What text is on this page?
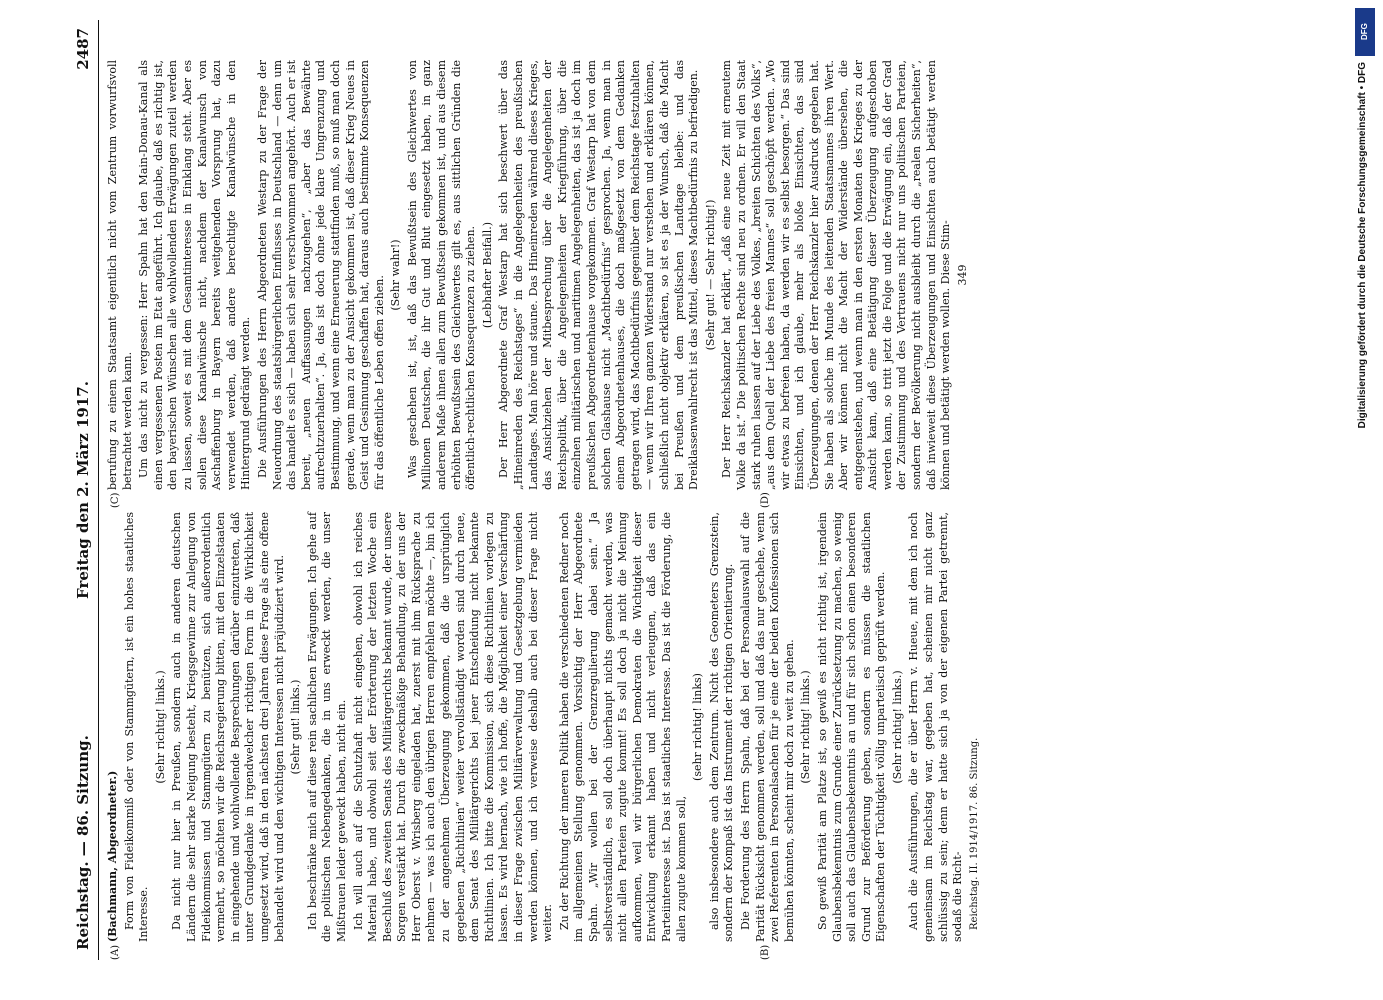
Reichstag. — 86. Sitzung.
Freitag den 2. März 1917.
2487
(A)	(B)
(C)	(D)

(Bachmann, Abgeordneter.) Form von Fideikommiß oder von Stammgütern, ist ein hohes staatliches Interesse.

(Sehr richtig! links.) Da nicht nur hier in Preußen, sondern auch in anderen deutschen Ländern die sehr starke Neigung besteht, Kriegsgewinne zur Anlegung von Fideikommissen und Stammgütern zu benützen, sich außerordentlich vermehrt, so möchten wir die Reichsregierung bitten, mit den Einzelstaaten in eingehende und wohlwollende Besprechungen darüber einzutreten, daß unter Grundgedanke in irgendwelcher richtigen Form in die Wirklichkeit umgesetzt wird, daß in den nächsten drei Jahren diese Frage als eine offene behandelt wird und den wichtigen Interessen nicht präjudiziert wird. (Sehr gut! links.) Ich beschränke mich auf diese rein sachlichen Erwägungen. Ich gehe auf die politischen Nebengedanken, die in uns erweckt werden, die unser Mißtrauen leider geweckt haben, nicht ein. Ich will auch auf die Schutzhaft nicht eingehen, obwohl ich reiches Material habe, und obwohl seit der Erörterung der letzten Woche ein Beschluß des zweiten Senats des Militärgerichts bekannt wurde, der unsere Sorgen verstärkt hat. Durch die zweckmäßige Behandlung, zu der uns der Herr Oberst v. Wrisberg eingeladen hat, zuerst mit ihm Rücksprache zu nehmen — was ich auch den übrigen Herren empfehlen möchte —, bin ich zu der angenehmen Überzeugung gekommen, daß die ursprünglich gegebenen „Richtlinien“ weiter vervollständigt worden sind durch neue, dem Senat des Militärgerichts bei jener Entscheidung nicht bekannte Richtlinien. Ich bitte die Kommission, sich diese Richtlinien vorlegen zu lassen. Es wird hernach, wie ich hoffe, die Möglichkeit einer Verschärfung in dieser Frage zwischen Militärverwaltung und Gesetzgebung vermieden werden können, und ich verweise deshalb auch bei dieser Frage nicht weiter. Zu der Richtung der inneren Politik haben die verschiedenen Redner noch im allgemeinen Stellung genommen. Vorsichtig der Herr Abgeordnete Spahn. „Wir wollen bei der Grenzregulierung dabei sein.“ Ja selbstverständlich, es soll doch überhaupt nichts gemacht werden, was nicht allen Parteien zugute kommt! Es soll doch ja nicht die Meinung aufkommen, weil wir bürgerlichen Demokraten die Wichtigkeit dieser Entwicklung erkannt haben und nicht verleugnen, daß das ein Parteiinteresse ist. Das ist staatliches Interesse. Das ist die Förderung, die allen zugute kommen soll,

(sehr richtig! links) also insbesondere auch dem Zentrum. Nicht des Geometers Grenzstein, sondern der Kompaß ist das Instrument der richtigen Orientierung. Die Forderung des Herrn Spahn, daß bei der Personalauswahl auf die Parität Rücksicht genommen werden, soll und daß das nur geschehe, wenn zwei Referenten in Personalsachen für je eine der beiden Konfessionen sich bemühen könnten, scheint mir doch zu weit zu gehen. (Sehr richtig! links.) So gewiß Parität am Platze ist, so gewiß es nicht richtig ist, irgendein Glaubensbekenntnis zum Grunde einer Zurücksetzung zu machen, so wenig soll auch das Glaubensbekenntnis an und für sich schon einen besonderen Grund zur Beförderung geben, sondern es müssen die staatlichen Eigenschaften der Tüchtigkeit völlig unparteiisch geprüft werden. (Sehr richtig! links.) Auch die Ausführungen, die er über Herrn v. Hueue, mit dem ich noch gemeinsam im Reichstag war, gegeben hat, scheinen mir nicht ganz schlüssig zu sein; denn er hatte sich ja von der eigenen Partei getrennt, sodaß die Richt- Reichstag. II. 1914/1917. 86. Sitzung.

berufung zu einem Staatsamt eigentlich nicht vom Zentrum vorwurfsvoll betrachtet werden kann. Um das nicht zu vergessen: Herr Spahn hat den Main-Donau-Kanal als einen vergessenen Posten im Etat angeführt. Ich glaube, daß es richtig ist, den bayerischen Wünschen alle wohlwollenden Erwägungen zuteil werden zu lassen, soweit es mit dem Gesamtinteresse in Einklang steht. Aber es sollen diese Kanalwünsche nicht, nachdem der Kanalwunsch von Aschaffenburg in Bayern bereits weitgehenden Vorsprung hat, dazu verwendet werden, daß andere berechtigte Kanalwünsche in den Hintergrund gedrängt werden. Die Ausführungen des Herrn Abgeordneten Westarp zu der Frage der Neuordnung des staatsbürgerlichen Einflusses in Deutschland — denn um das handelt es sich — haben sich sehr verschwommen angehört. Auch er ist bereit, „neuen Auffassungen nachzugehen“, „aber das Bewährte aufrechtzuerhalten“. Ja, das ist doch ohne jede klare Umgrenzung und Bestimmung, und wenn eine Erneuerung stattfinden muß, so muß man doch gerade, wenn man zu der Ansicht gekommen ist, daß dieser Krieg Neues in Geist und Gesinnung geschaffen hat, daraus auch bestimmte Konsequenzen für das öffentliche Leben offen ziehen.

(Sehr wahr!) Was geschehen ist, ist, daß das Bewußtsein des Gleichwertes von Millionen Deutschen, die ihr Gut und Blut eingesetzt haben, in ganz anderem Maße ihnen allen zum Bewußtsein gekommen ist, und aus diesem erhöhten Bewußtsein des Gleichwertes gilt es, aus sittlichen Gründen die öffentlich-rechtlichen Konsequenzen zu ziehen. (Lebhafter Beifall.) Der Herr Abgeordnete Graf Westarp hat sich beschwert über das „Hineinreden des Reichstages“ in die Angelegenheiten des preußischen Landtages. Man höre und staune. Das Hineinreden während dieses Krieges, das Ansichziehen der Mitbesprechung über die Angelegenheiten der Reichspolitik, über die Angelegenheiten der Kriegführung, über die einzelnen militärischen und maritimen Angelegenheiten, das ist ja doch im preußischen Abgeordnetenhause vorgekommen. Graf Westarp hat von dem solchen Glashause nicht „Machtbedürfnis“ gesprochen. Ja, wenn man in einem Abgeordnetenhauses, die doch maßgesetzt von dem Gedanken getragen wird, das Machtbedürfnis gegenüber dem Reichstage festzuhalten — wenn wir Ihren ganzen Widerstand nur verstehen und erklären können, schließlich nicht objektiv erklären, so ist es ja der Wunsch, daß die Macht bei Preußen und dem preußischen Landtage bleibe: und das Dreiklassenwahlrecht ist das Mittel, dieses Machtbedürfnis zu befriedigen. (Sehr gut! — Sehr richtig!) Der Herr Reichskanzler hat erklärt, „daß eine neue Zeit mit erneutem Volke da ist.“ Die politischen Rechte sind neu zu ordnen. Er will den Staat stark ruhen lassen auf der Liebe des Volkes, „breiten Schichten des Volks“, „aus dem Quell der Liebe des freien Mannes“ soll geschöpft werden. „Wo wir etwas zu befreien haben, da werden wir es selbst besorgen.“ Das sind Einsichten, und ich glaube, mehr als bloße Einsichten, das sind Überzeugungen, denen der Herr Reichskanzler hier Ausdruck gegeben hat. Sie haben als solche im Munde des leitenden Staatsmannes ihren Wert. Aber wir können nicht die Macht der Widerstände übersehen, die entgegenstehen, und wenn man in den ersten Monaten des Krieges zu der Ansicht kam, daß eine Betätigung dieser Überzeugung aufgeschoben werden kann, so tritt jetzt die Folge und die Erwägung ein, daß der Grad der Zustimmung und des Vertrauens nicht nur uns politischen Parteien, sondern der Bevölkerung nicht ausbleibt durch die „realen Sicherheiten“, daß inwieweit diese Überzeugungen und Einsichten auch betätigt werden können und betätigt werden wollen. Diese Stim- 349

DFG
Digitalisierung gefördert durch die Deutsche Forschungsgemeinschaft • DFG
